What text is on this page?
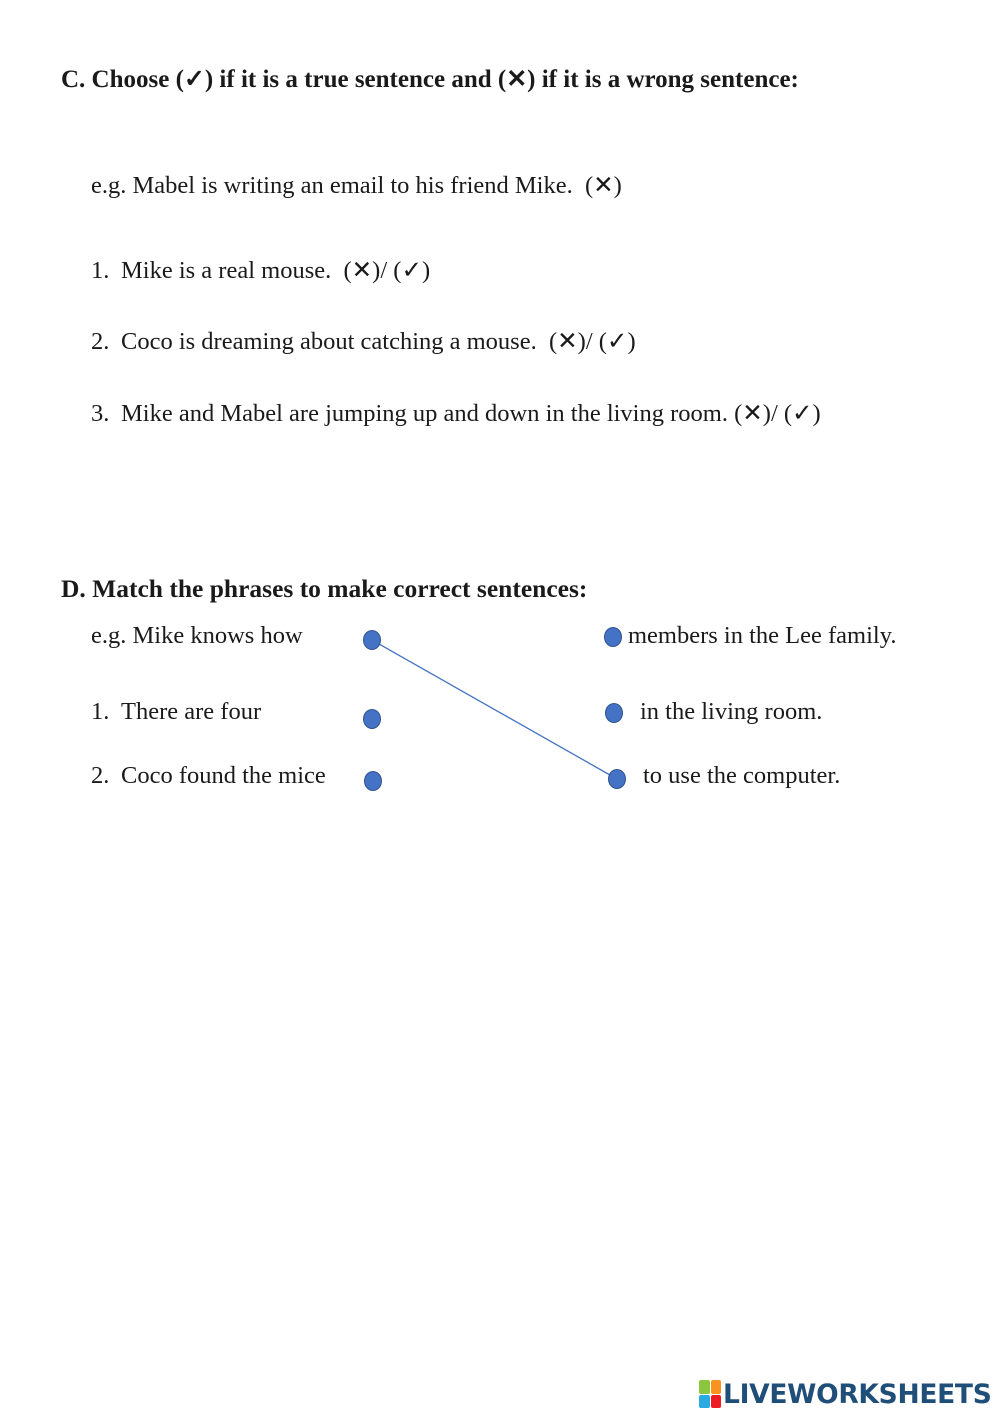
C. Choose (✓) if it is a true sentence and (✕) if it is a wrong sentence:
e.g. Mabel is writing an email to his friend Mike. (✕)
1. Mike is a real mouse. (✕)/ (✓)
2. Coco is dreaming about catching a mouse. (✕)/ (✓)
3. Mike and Mabel are jumping up and down in the living room. (✕)/ (✓)
D. Match the phrases to make correct sentences:
e.g. Mike knows how
1. There are four
2. Coco found the mice
members in the Lee family.
in the living room.
to use the computer.
LIVEWORKSHEETS
